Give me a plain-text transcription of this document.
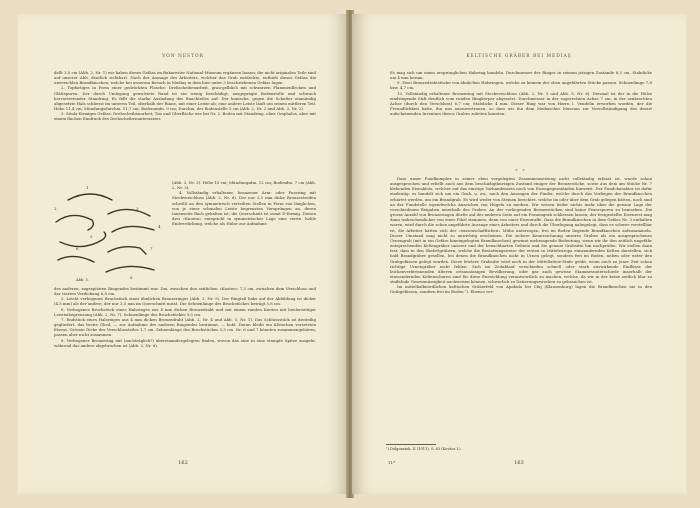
VON NESTOR

dellt 3,5 cm (Abb. 2, Nr. 1) wir haben dieses Gefäss im Bukarester National-Museum ergänzen lassen; die nicht originalen Teile sind auf unserer Abb. deutlich sichtbar). Nach der Aussage des Arbeiters, welcher das Grab entdeckte, enthielt dieses Gefäss die unverschlen Brandknochen, welche bei unserem Besuch in Mediaş in dem hier unter 3 beschriebenen Gefäss lagen.

2. Topfartiges in Form einer gedrückten Flasche: Drehscheibenarbeit, grau-gelblich mit schwarzen Flammenflecken und Glättspuren. Der durch Umlegung gewulstete Rand ist ein wenig beschädigt; ausgeprägte Bodenstelle und schwach hervortretender Standring. Es fällt die starke Ausladung des Bauchteiles auf. Der konische, gegen die Schulter einmündig abgesetzte Hals schliesst im unteren Teil, oberhalb der Rinne, mit einer Leiste ab; eine andere Leiste läuft um seinen mittleren Teil. Höhe 11,4 cm; Mündungsdurchm. 11,7 cm; Bodenumfn. 9 cm; Durchm. der Bodenstelle 5 cm (Abb. 2, Nr. 2 und Abb. 3, Nr. 2).

3. Situla-förmiges Gefäss: Drehscheibenarbeit; Ton und Oberfläche wie bei Nr. 2. Boden mit Standring, ohne Omphalos, aber mit einem flachen Eindruck des Drehscheibenuntersatzes

1
2	3
4
5
6	7
8
Abb. 5.

(Abb. 3, Nr. 3). Höhe 15 cm; Mündungsdm. 12 cm; Bodendm. 7 cm (Abb. 2, Nr. 3).

4. Vollständig erhaltener, bronzener Arm- oder Fussring mit Steckverschluss (Abb. 2, Nr. 6). Der nur 3,5 mm dicke Bronzestreifen schwillt an den symmetrisch verteilten Stellen in Form von länglichen, von je einer schmalen Leiste begrenzten Vorsprüngen an, deren Innenseite flach gehalten ist; die Querschnitt ist somit D-förmig. Diesen drei »Knoten« entspricht in symmetrischer Lage eine vierte, hohle Endverdickung, welche als Hülse zur Aufnahme

des anderen, zugespitzten Ringendes bestimmt war. Dm. zwischen den seitlichen »Knoten« 7,3 cm, zwischen dem Verschluss und der vierten Verdickung 6,8 cm.

5. Leicht verbogenes Bruchstück eines ähnlichen Bronzeringes (Abb. 2, Nr. 9). Der Ringteil links auf der Abbildung ist dicker (4,5 mm) als der andere, der nur 3,5 mm im Querschnitt misst. Die Sehnenlänge des Bruchstückes beträgt 5,8 cm.

6. Verbogenes Bruchstück eines Halsringes aus 4 mm dicken Bronzedraht und mit einem runden Knoten mit beiderseitiger Leistenbegrenzung (Abb. 2, Nr. 7). Sehnenlänge des Bruchstückes 9,5 cm.

7. Endstück eines Halsringes aus 4 mm dicken Bronzedraht (Abb. 2, Nr. 4 und Abb. 5, Nr. 1). Das Schlussstück ist dreiteilig gegliedert, das breite Glied, — zur Aufnahme des anderen Ringendes bestimmt, — hohl. Daran bleibt ein Klötzchen versetzten Eisens. Grösste Dicke des Verschlussteiles 1,7 cm. Sehnenlänge des Bruchstückes 5,5 cm. Nr. 6 und 7 könnten zusammengehören, passen aber nicht zusammen.

8. Verbogener Bronzering mit (nachträglich?) übereinandergelegten Enden, wovon das eine in eine stumpfe Spitze ausgeht, während das andere abgebrochen ist (Abb. 2, Nr. 8).

162
KELTISCHE GRÄBER BEI MEDIAŞ

Es mag sich um einen ursprünglichen Halsring handeln. Durchmesser der Ringes in seinem jetzigen Zustande 8,5 cm, Stabdicke um 4 mm herum.

9. Zwei Bronzedrahtstücke von ähnlichen Halsringen, welche zu keinem der oben angeführten Stücke passen. Sehnenlänge 7,8 bzw. 4,7 cm.

10. Vollständig erhaltener Bronzering mit Steckverschluss (Abb. 2, Nr. 5 und Abb. 5, Nr. 6). Diesmal ist der in die Hülse eindringende Stift deutlich vom runden Ringkörper abgesetzt. Durchmesser in der zugerechten Achse 7 cm, in der senkrechten Achse (durch den Verschluss) 6,7 cm; Stabdicke 4 mm. Dieser Ring war von Herrn I. Vendelin erworben worden, der die Freundlichkeit hatte, ihn uns auszuvertrauen, so dass wir ihn dem Mediascher Museum zur Vervollständigung des derart aufscheinenden Inventars dieses Grabes zuleiten konnten.

* *

Dass unser Fundkomplex in seiner oben vorgelegten Zusammensetzung nicht vollständig erfasst ist, wurde schon ausgesprochen und erhellt auch aus dem beschädigtkurzigen Zustand einiger der Bronzestücke, sowie aus dem am Stücke Nr. 7 klebenden Eisenklotz, welcher auf das einstige Vorhandensein noch von Eisengegenständen hinweist. Der Fundcharakter ist dafür eindeutig: es handelt sich um ein Grab, u. zw., nach den Aussagen der Finder, welche durch das Vorliegen der Brandknochen erhärtet werden, um ein Brandgrab. Es wird weder von Steinen berichtet, welche im oder über dem Grab gelegen hätten, noch sind an der Fundstelle irgendwelche Anzeichen von Hügeln zu merken. Wir wissen leider nichts mehr über die genaue Lage der verschiedenen Beigaben innerhalb des Grabes. An der vorliegenden Bronzestücken sind keine Feuerspuren zu bemerken. Die grosse Anzahl von Bronzeringen dürfte auf der anderen Seite auf ein Frauengrab schliessen lassen; der festgestellte Eisenrest mag dann wahrscheinlicher von einer Fibel stammen, denn von einer Eisenwaffe. Dass die Brandknochen in dem Gefäss Nr. 3 enthalten waren, wird durch die schon angeführte Aussage eines Arbeiters und durch die Überlegung nahegelegt, dass es schwer vorstellbar ist, die Arbeiter hätten sich der »wissenschaftlichen« Mühe unterzogen, frei im Boden liegende Brandknochen aufzusammeln. Dieser Umstand mag nicht so unwichtig erscheinen. Die sichere Kennzeichnung unseres Grabes als ein ausgesprochenes Urnengrab (mit in ein Gefäss hineingelegten Brandknochen) gewinnt mehrsagende Bedeutung, wenn wir ihr den zeitlich ungefähr entsprechenden Keltengräber unserer und der benachbarten Gebiete und die genaue Grabsitte hin nachprüfen. Wir stellen dann fest, dass in den Skelettgräbern, welche die Bestattungsweise der ersten in Mitteleuropa einwandernden Kelten darstellen, sich bald Brandgräber gesellen, bei denen die Brandknochen nicht in Urnen gelegt, sondern frei im Boden, neben oder unter den Grabgefässen gelegt wurden. Diese letztere Grabsitte wird noch in der Mittellatène-Stufe geübt, wenn auch zu jener Zeit schon richtige Urnengräber nicht fehlen. Sich im Zeitablauf verschieden schnell oder stark auswirkende Einflüsse der leichenverbrennenden älteren ortsansässigen Bevölkerung, oder gar auch gewisse Stammesunterschiede innerhalb der einwandernden Keltenscharen sind für diese Entwicklung verantwortlich zu machen, welche, da wir in der keine zeitlich klar zu staffelnde Gesetzmässigkeit nachweisen können, schwerlich zu Datierungszwecken zu gebrauchen ist.

Im mittelhalbnördlichen keltischen Gräberfeld von Apahida bei Cluj (Klausenburg) lagen die Brandknochen nie in den Grabgefässen, sondern frei im Boden ¹). Ebenso ver-

¹) Dolgozatok, II (1911), S. 63 (Kovács I.).
11*	163
